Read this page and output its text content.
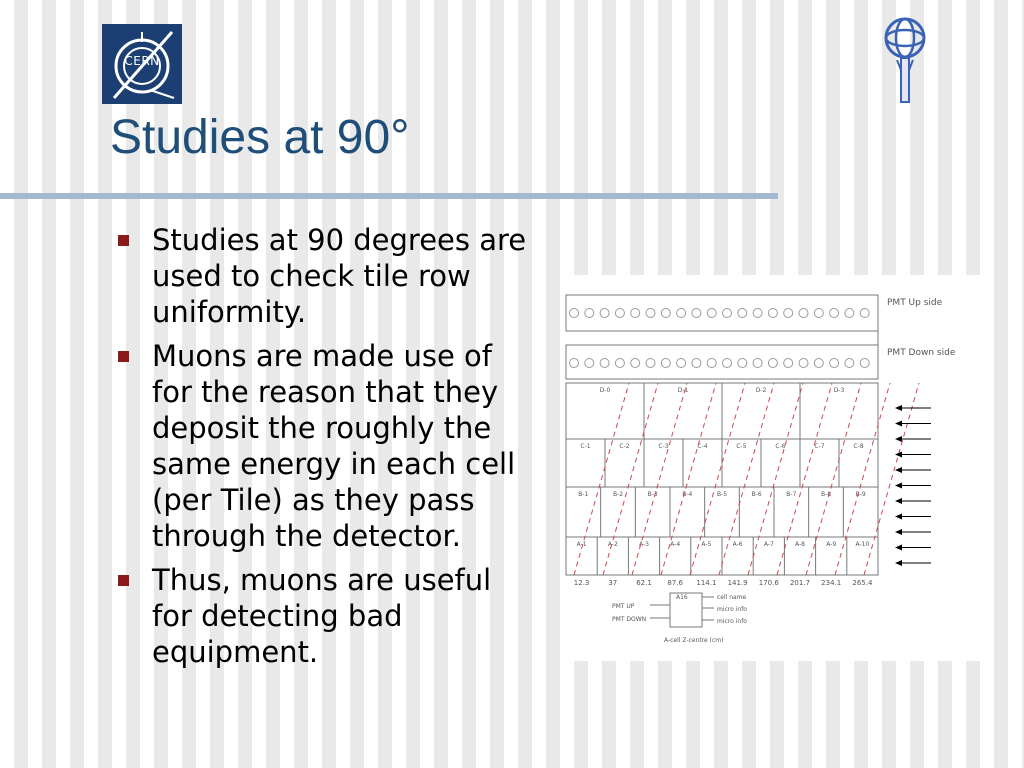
CERN
Studies at 90°
Studies at 90 degrees are used to check tile row uniformity.
Muons are made use of for the reason that they deposit the roughly the same energy in each cell (per Tile) as they pass through the detector.
Thus, muons are useful for detecting bad equipment.
D-0	D-1	D-2	D-3
C-1	C-2	C-3	C-4	C-5	C-6	C-7	C-8
B-1	B-2	B-3	B-4	B-5	B-6	B-7	B-8	B-9
A-1	A-2	A-3	A-4	A-5	A-6	A-7	A-8	A-9	A-10
12.3	37	62.1 87.6 114.1 141.9 170.6 201.7 234.1 265.4
PMT Up side
PMT Down side
A16	cell name
PMT UP
PMT DOWN
micro info
micro info
A-cell Z-centre (cm)
